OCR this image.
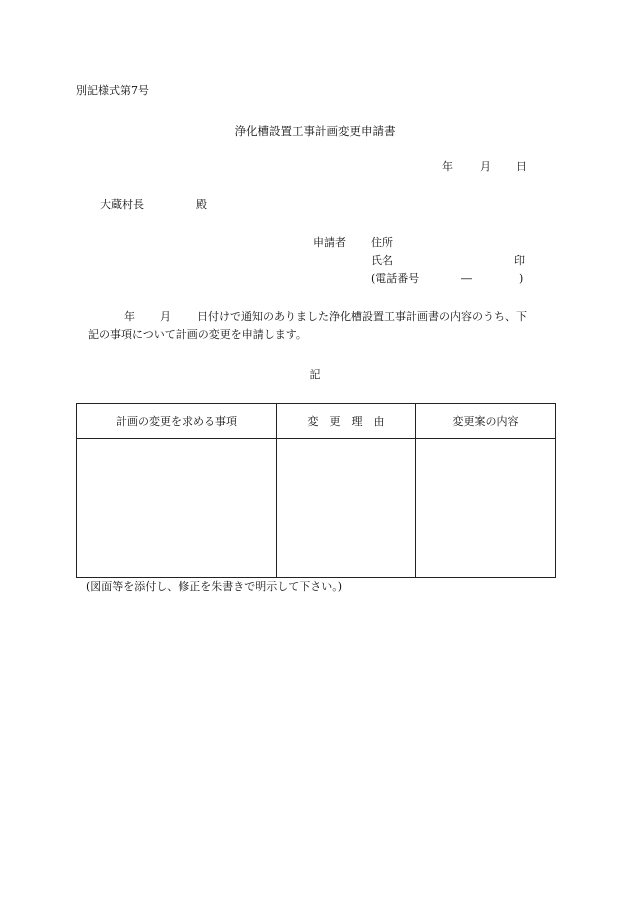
別記様式第7号
浄化槽設置工事計画変更申請書
年 月 日
大蔵村長	殿
申請者 住所
氏名	印
(電話番号	―	)
年 月 日付けで通知のありました浄化槽設置工事計画書の内容のうち、下
記の事項について計画の変更を申請します。
記
計画の変更を求める事項	変　更　理　由	変更案の内容

(図面等を添付し、修正を朱書きで明示して下さい。)
